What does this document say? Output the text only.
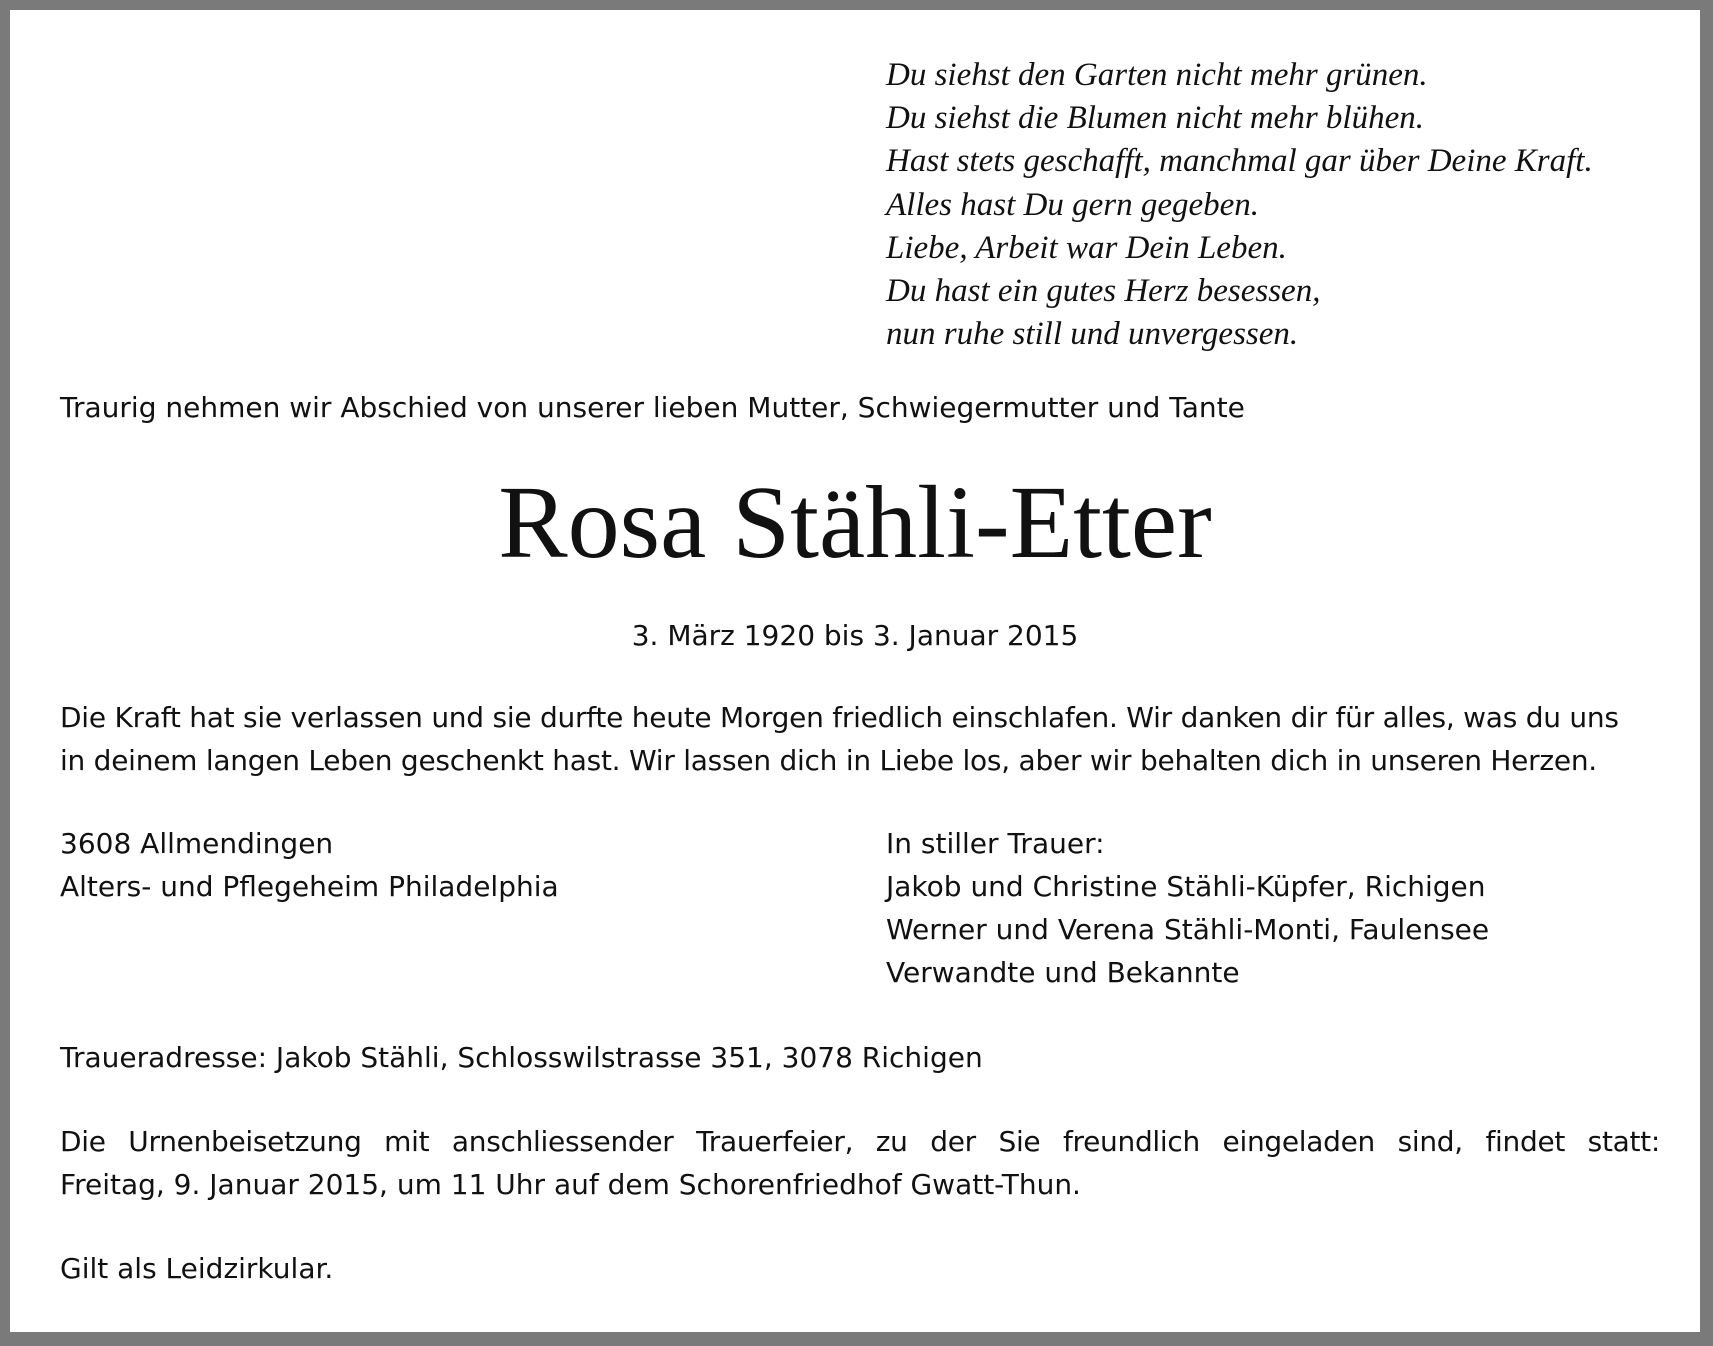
Du siehst den Garten nicht mehr grünen.
Du siehst die Blumen nicht mehr blühen.
Hast stets geschafft, manchmal gar über Deine Kraft.
Alles hast Du gern gegeben.
Liebe, Arbeit war Dein Leben.
Du hast ein gutes Herz besessen,
nun ruhe still und unvergessen.
Traurig nehmen wir Abschied von unserer lieben Mutter, Schwiegermutter und Tante
Rosa Stähli-Etter
3. März 1920 bis 3. Januar 2015
Die Kraft hat sie verlassen und sie durfte heute Morgen friedlich einschlafen. Wir danken dir für alles, was du uns
in deinem langen Leben geschenkt hast. Wir lassen dich in Liebe los, aber wir behalten dich in unseren Herzen.
3608 Allmendingen
Alters- und Pflegeheim Philadelphia
In stiller Trauer:
Jakob und Christine Stähli-Küpfer, Richigen
Werner und Verena Stähli-Monti, Faulensee
Verwandte und Bekannte
Traueradresse: Jakob Stähli, Schlosswilstrasse 351, 3078 Richigen
Die Urnenbeisetzung mit anschliessender Trauerfeier, zu der Sie freundlich eingeladen sind, findet statt:
Freitag, 9. Januar 2015, um 11 Uhr auf dem Schorenfriedhof Gwatt-Thun.
Gilt als Leidzirkular.
